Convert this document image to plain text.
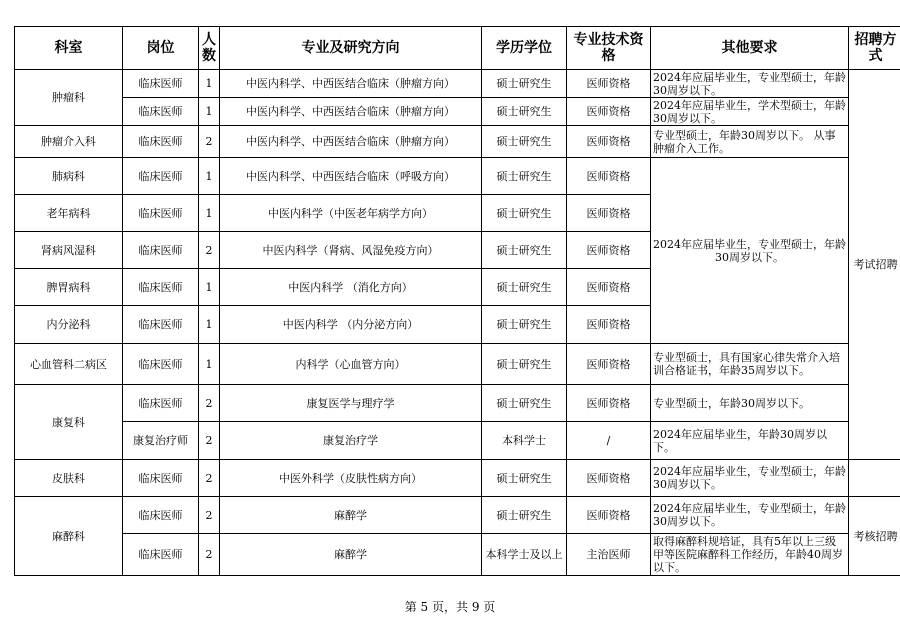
科室	岗位	人数	专业及研究方向	学历学位	专业技术资格	其他要求	招聘方式
肿瘤科	临床医师	1	中医内科学、中西医结合临床（肿瘤方向）	硕士研究生	医师资格	2024年应届毕业生，专业型硕士，年龄30周岁以下。	考试招聘
	临床医师	1	中医内科学、中西医结合临床（肿瘤方向）	硕士研究生	医师资格	2024年应届毕业生，学术型硕士，年龄30周岁以下。	
肿瘤介入科	临床医师	2	中医内科学、中西医结合临床（肿瘤方向）	硕士研究生	医师资格	专业型硕士，年龄30周岁以下。 从事肿瘤介入工作。	
肺病科	临床医师	1	中医内科学、中西医结合临床（呼吸方向）	硕士研究生	医师资格	2024年应届毕业生，专业型硕士，年龄30周岁以下。	
老年病科	临床医师	1	中医内科学（中医老年病学方向）	硕士研究生	医师资格		
肾病风湿科	临床医师	2	中医内科学（肾病、风湿免疫方向）	硕士研究生	医师资格		
脾胃病科	临床医师	1	中医内科学 （消化方向）	硕士研究生	医师资格		
内分泌科	临床医师	1	中医内科学 （内分泌方向）	硕士研究生	医师资格		
心血管科二病区	临床医师	1	内科学（心血管方向）	硕士研究生	医师资格	专业型硕士，具有国家心律失常介入培训合格证书，年龄35周岁以下。	
康复科	临床医师	2	康复医学与理疗学	硕士研究生	医师资格	专业型硕士，年龄30周岁以下。	
	康复治疗师	2	康复治疗学	本科学士	/	2024年应届毕业生，年龄30周岁以下。	
皮肤科	临床医师	2	中医外科学（皮肤性病方向）	硕士研究生	医师资格	2024年应届毕业生，专业型硕士，年龄30周岁以下。	
麻醉科	临床医师	2	麻醉学	硕士研究生	医师资格	2024年应届毕业生，专业型硕士，年龄30周岁以下。	考核招聘
	临床医师	2	麻醉学	本科学士及以上	主治医师	取得麻醉科规培证，具有5年以上三级甲等医院麻醉科工作经历，年龄40周岁以下。	
第 5 页，共 9 页
